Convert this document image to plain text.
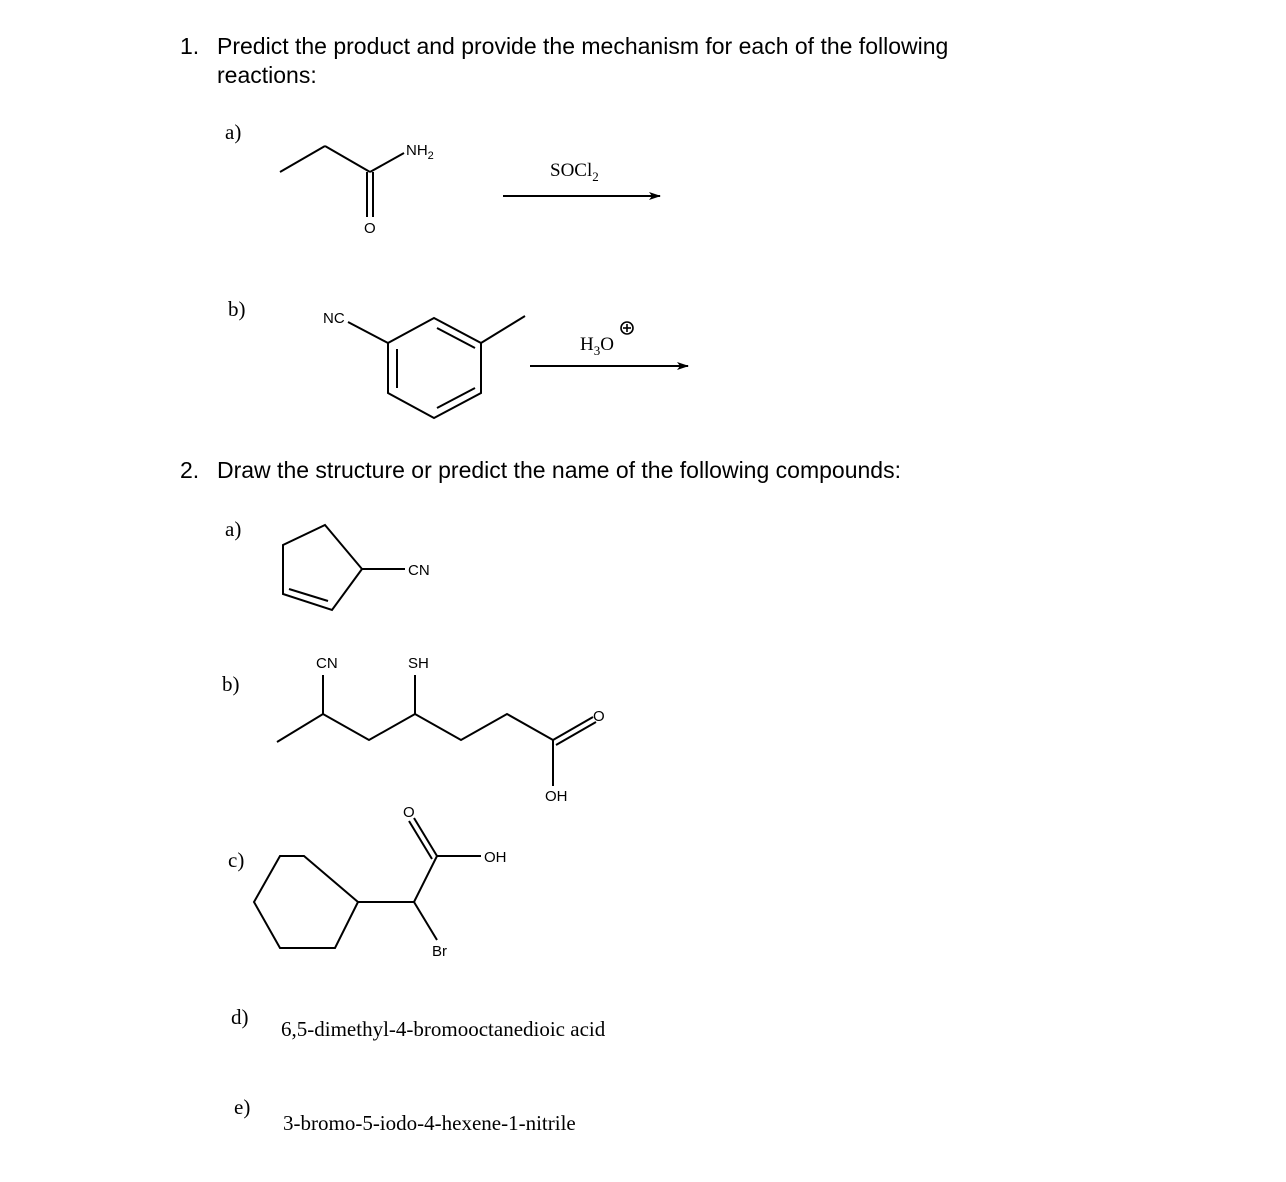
1. Predict the product and provide the mechanism for each of the following
reactions:
a)
b)
2. Draw the structure or predict the name of the following compounds:
a)
b)
c)
d)
e)
6,5-dimethyl-4-bromooctanedioic acid
3-bromo-5-iodo-4-hexene-1-nitrile
$NH_2$
O
SOCl$_2$
NC
$H_3O$
CN
CN	SH
O
OH
O
OH
Br
